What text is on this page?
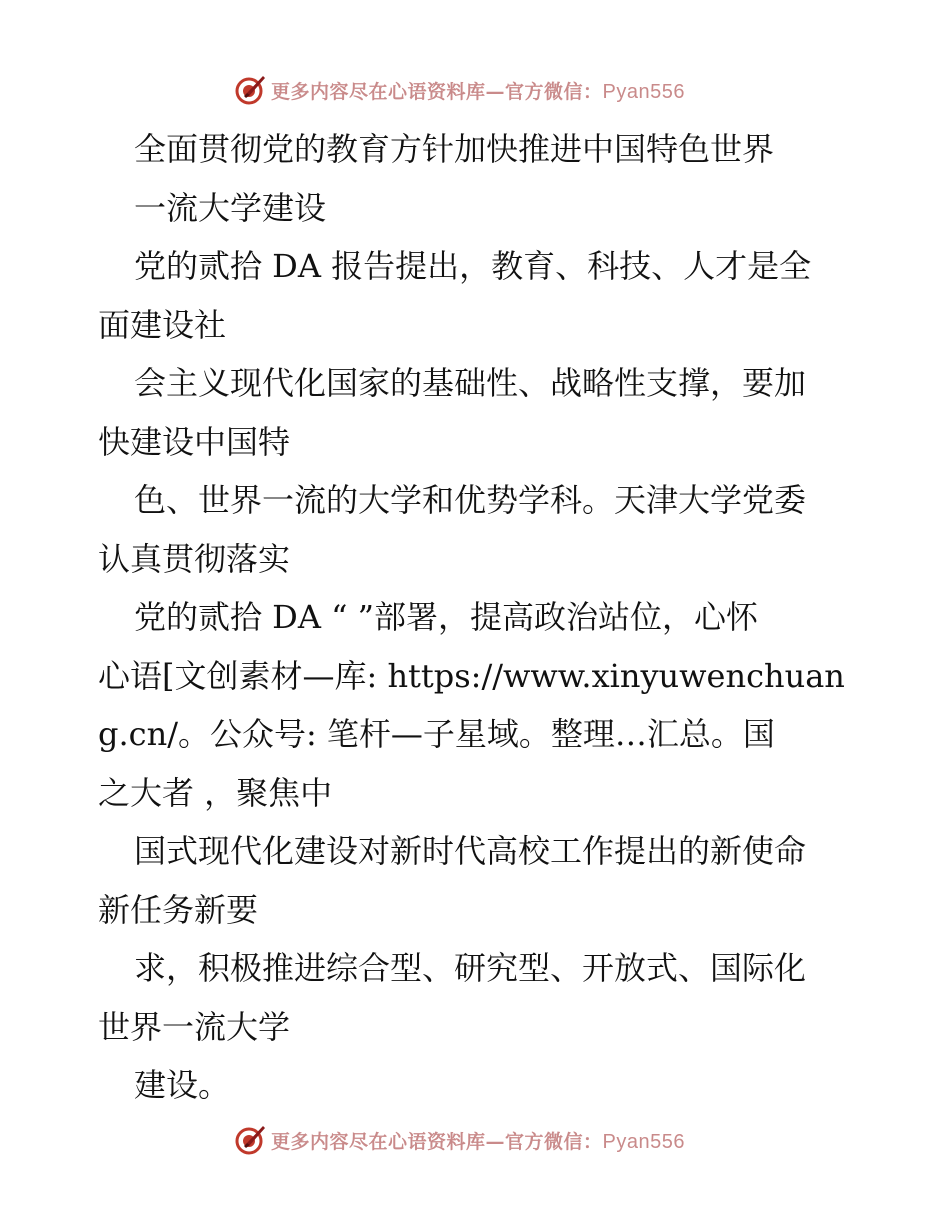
更多内容尽在心语资料库—官方微信：Pyan556
全面贯彻党的教育方针加快推进中国特色世界
一流大学建设
党的贰拾 DA 报告提出，教育、科技、人才是全
面建设社
会主义现代化国家的基础性、战略性支撑，要加
快建设中国特
色、世界一流的大学和优势学科。天津大学党委
认真贯彻落实
党的贰拾 DA “ ”部署，提高政治站位，心怀
心语[文创素材—库: https://www.xinyuwenchuan
g.cn/。公众号: 笔杆—子星域。整理…汇总。国
之大者 ，聚焦中
国式现代化建设对新时代高校工作提出的新使命
新任务新要
求，积极推进综合型、研究型、开放式、国际化
世界一流大学
建设。
更多内容尽在心语资料库—官方微信：Pyan556
